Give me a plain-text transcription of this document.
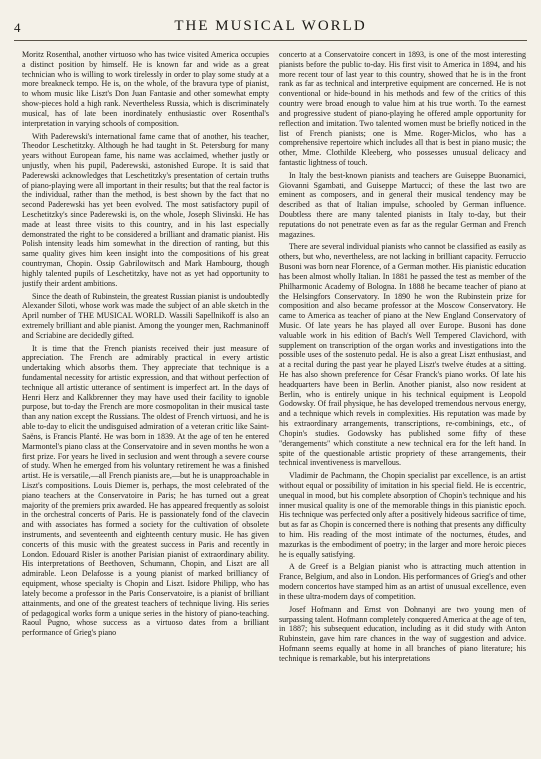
4	THE MUSICAL WORLD

Moritz Rosenthal, another virtuoso who has twice visited America occupies a distinct position by himself. He is known far and wide as a great technician who is willing to work tirelessly in order to play some study at a more breakneck tempo. He is, on the whole, of the bravura type of pianist, to whom music like Liszt's Don Juan Fantasie and other somewhat empty show-pieces hold a high rank. Nevertheless Russia, which is discriminately musical, has of late been inordinately enthusiastic over Rosenthal's interpretation in varying schools of composition.

With Paderewski's international fame came that of another, his teacher, Theodor Leschetitzky. Although he had taught in St. Petersburg for many years without European fame, his name was acclaimed, whether justly or unjustly, when his pupil, Paderewski, astonished Europe. It is said that Paderewski acknowledges that Leschetitzky's presentation of certain truths of piano-playing were all important in their results; but that the real factor is the individual, rather than the method, is best shown by the fact that no second Paderewski has yet been evolved. The most satisfactory pupil of Leschetitzky's since Paderewski is, on the whole, Joseph Slivinski. He has made at least three visits to this country, and in his last especially demonstrated the right to be considered a brilliant and dramatic pianist. His Polish intensity leads him somewhat in the direction of ranting, but this same quality gives him keen insight into the compositions of his great countryman, Chopin. Ossip Gabrilowitsch and Mark Hambourg, though highly talented pupils of Leschetitzky, have not as yet had opportunity to justify their ardent ambitions.

Since the death of Rubinstein, the greatest Russian pianist is undoubtedly Alexander Siloti, whose work was made the subject of an able sketch in the April number of THE MUSICAL WORLD. Wassili Sapellnikoff is also an extremely brilliant and able pianist. Among the younger men, Rachmaninoff and Scriabine are decidedly gifted.

It is time that the French pianists received their just measure of appreciation. The French are admirably practical in every artistic undertaking which absorbs them. They appreciate that technique is a fundamental necessity for artistic expression, and that without perfection of technique all artistic utterance of sentiment is imperfect art. In the days of Henri Herz and Kalkbrenner they may have used their facility to ignoble purpose, but to-day the French are more cosmopolitan in their musical taste than any nation except the Russians. The oldest of French virtuosi, and he is able to-day to elicit the undisguised admiration of a veteran critic like Saint-Saëns, is Francis Planté. He was born in 1839. At the age of ten he entered Marmontel's piano class at the Conservatoire and in seven months he won a first prize. For years he lived in seclusion and went through a severe course of study. When he emerged from his voluntary retirement he was a finished artist. He is versatile,—all French pianists are,—but he is unapproachable in Liszt's compositions. Louis Diemer is, perhaps, the most celebrated of the piano teachers at the Conservatoire in Paris; he has turned out a great majority of the premiers prix awarded. He has appeared frequently as soloist in the orchestral concerts of Paris. He is passionately fond of the clavecin and with associates has formed a society for the cultivation of obsolete instruments, and seventeenth and eighteenth century music. He has given concerts of this music with the greatest success in Paris and recently in London. Edouard Risler is another Parisian pianist of extraordinary ability. His interpretations of Beethoven, Schumann, Chopin, and Liszt are all admirable. Leon Delafosse is a young pianist of marked brilliancy of equipment, whose specialty is Chopin and Liszt. Isidore Philipp, who has lately become a professor in the Paris Conservatoire, is a pianist of brilliant attainments, and one of the greatest teachers of technique living. His series of pedagogical works form a unique series in the history of piano-teaching. Raoul Pugno, whose success as a virtuoso dates from a brilliant performance of Grieg's piano

concerto at a Conservatoire concert in 1893, is one of the most interesting pianists before the public to-day. His first visit to America in 1894, and his more recent tour of last year to this country, showed that he is in the front rank as far as technical and interpretive equipment are concerned. He is not conventional or hide-bound in his methods and few of the critics of this country were broad enough to value him at his true worth. To the earnest and progressive student of piano-playing he offered ample opportunity for reflection and imitation. Two talented women must be briefly noticed in the list of French pianists; one is Mme. Roger-Miclos, who has a comprehensive repertoire which includes all that is best in piano music; the other, Mme. Clothilde Kleeberg, who possesses unusual delicacy and fantastic lightness of touch.

In Italy the best-known pianists and teachers are Guiseppe Buonamici, Giovanni Sgambati, and Guiseppe Martucci; of these the last two are eminent as composers, and in general their musical tendency may be described as that of Italian impulse, schooled by German influence. Doubtless there are many talented pianists in Italy to-day, but their reputations do not penetrate even as far as the regular German and French magazines.

There are several individual pianists who cannot be classified as easily as others, but who, nevertheless, are not lacking in brilliant capacity. Ferruccio Busoni was born near Florence, of a German mother. His pianistic education has been almost wholly Italian. In 1881 he passed the test as member of the Philharmonic Academy of Bologna. In 1888 he became teacher of piano at the Helsingfors Conservatory. In 1890 he won the Rubinstein prize for composition and also became professor at the Moscow Conservatory. He came to America as teacher of piano at the New England Conservatory of Music. Of late years he has played all over Europe. Busoni has done valuable work in his edition of Bach's Well Tempered Clavichord, with supplement on transcription of the organ works and investigations into the possible uses of the sostenuto pedal. He is also a great Liszt enthusiast, and at a recital during the past year he played Liszt's twelve études at a sitting. He has also shown preference for César Franck's piano works. Of late his headquarters have been in Berlin. Another pianist, also now resident at Berlin, who is entirely unique in his technical equipment is Leopold Godowsky. Of frail physique, he has developed tremendous nervous energy, and a technique which revels in complexities. His reputation was made by his extraordinary arrangements, transcriptions, re-combinings, etc., of Chopin's studies. Godowsky has published some fifty of these "derangements" which constitute a new technical era for the left hand. In spite of the questionable artistic propriety of these arrangements, their technical inventiveness is marvellous.

Vladimir de Pachmann, the Chopin specialist par excellence, is an artist without equal or possibility of imitation in his special field. He is eccentric, unequal in mood, but his complete absorption of Chopin's technique and his inner musical quality is one of the memorable things in this pianistic epoch. His technique was perfected only after a positively hideous sacrifice of time, but as far as Chopin is concerned there is nothing that presents any difficulty to him. His reading of the most intimate of the nocturnes, études, and mazurkas is the embodiment of poetry; in the larger and more heroic pieces he is equally satisfying.

A de Greef is a Belgian pianist who is attracting much attention in France, Belgium, and also in London. His performances of Grieg's and other modern concertos have stamped him as an artist of unusual excellence, even in these ultra-modern days of competition.

Josef Hofmann and Ernst von Dohnanyi are two young men of surpassing talent. Hofmann completely conquered America at the age of ten, in 1887; his subsequent education, including as it did study with Anton Rubinstein, gave him rare chances in the way of suggestion and advice. Hofmann seems equally at home in all branches of piano literature; his technique is remarkable, but his interpretations
